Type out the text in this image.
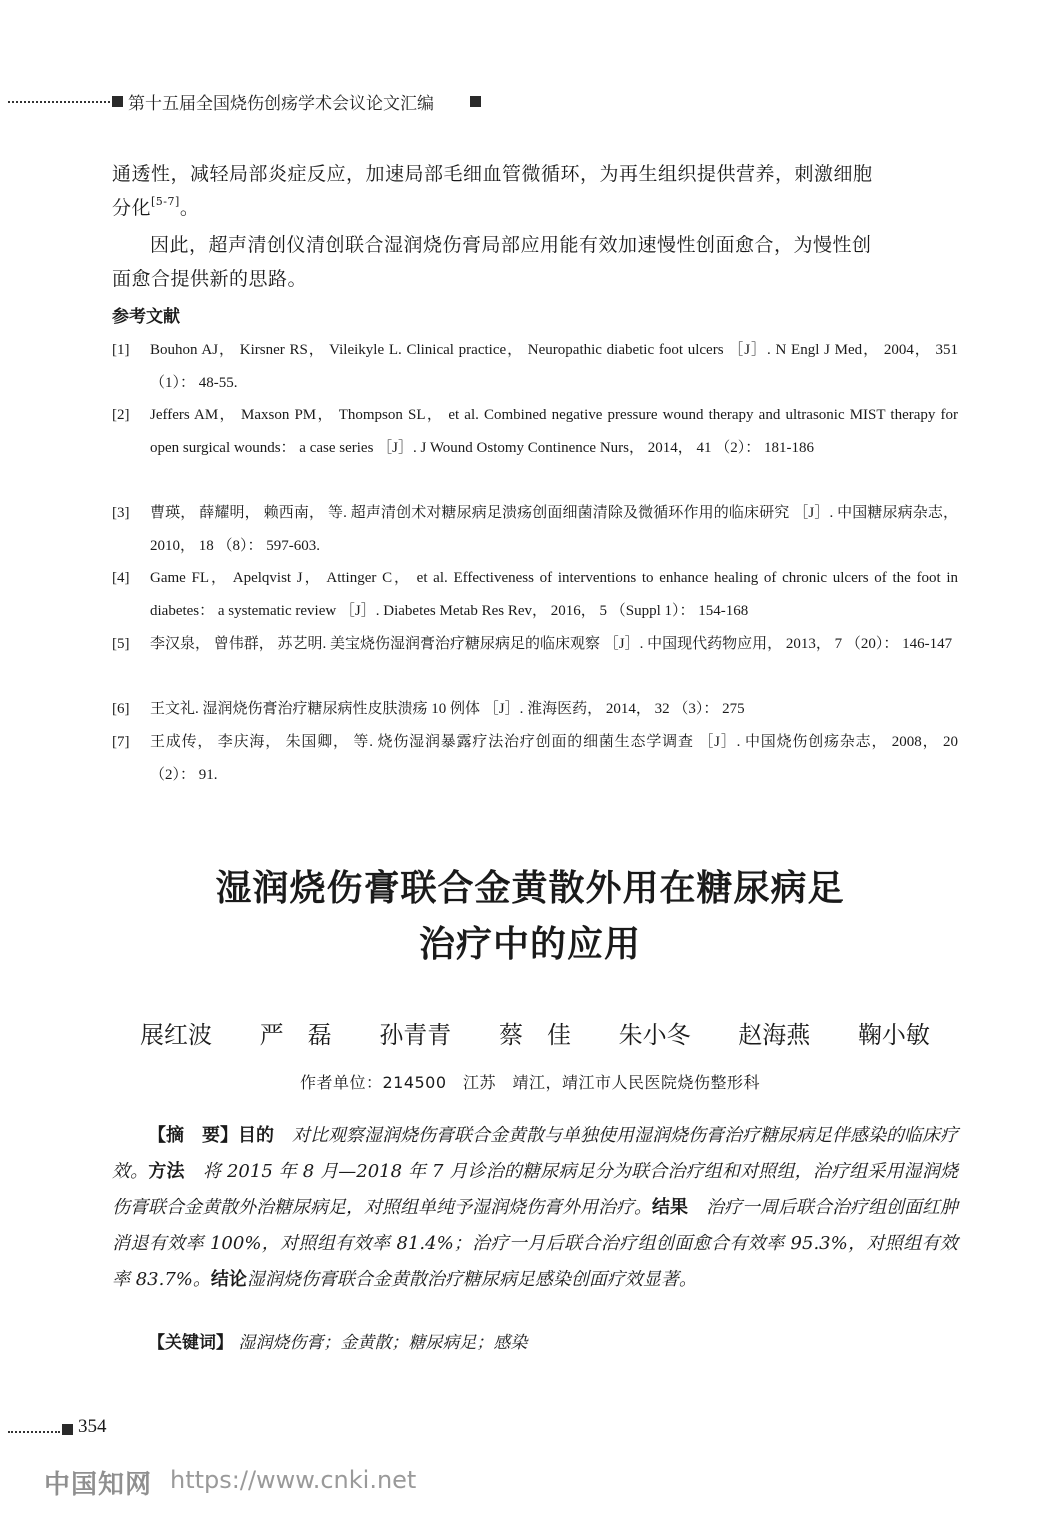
第十五届全国烧伤创疡学术会议论文汇编
通透性，减轻局部炎症反应，加速局部毛细血管微循环，为再生组织提供营养，刺激细胞
分化[5-7]。
因此，超声清创仪清创联合湿润烧伤膏局部应用能有效加速慢性创面愈合，为慢性创
面愈合提供新的思路。
参考文献
[1]	Bouhon AJ， Kirsner RS， Vileikyle L. Clinical practice， Neuropathic diabetic foot ulcers ［J］. N Engl J Med， 2004， 351 （1）： 48-55.
[2]	Jeffers AM， Maxson PM， Thompson SL， et al. Combined negative pressure wound therapy and ultrasonic MIST therapy for open surgical wounds： a case series ［J］. J Wound Ostomy Continence Nurs， 2014， 41 （2）： 181-186
[3]	曹瑛， 薛耀明， 赖西南， 等. 超声清创术对糖尿病足溃疡创面细菌清除及微循环作用的临床研究 ［J］. 中国糖尿病杂志， 2010， 18 （8）： 597-603.
[4]	Game FL， Apelqvist J， Attinger C， et al. Effectiveness of interventions to enhance healing of chronic ulcers of the foot in diabetes： a systematic review ［J］. Diabetes Metab Res Rev， 2016， 5 （Suppl 1）： 154-168
[5]	李汉泉， 曾伟群， 苏艺明. 美宝烧伤湿润膏治疗糖尿病足的临床观察 ［J］. 中国现代药物应用， 2013， 7 （20）： 146-147
[6]	王文礼. 湿润烧伤膏治疗糖尿病性皮肤溃疡 10 例体 ［J］. 淮海医药， 2014， 32 （3）： 275
[7]	王成传， 李庆海， 朱国卿， 等. 烧伤湿润暴露疗法治疗创面的细菌生态学调查 ［J］. 中国烧伤创疡杂志， 2008， 20 （2）： 91.
湿润烧伤膏联合金黄散外用在糖尿病足
治疗中的应用
展红波 严　磊 孙青青 蔡　佳 朱小冬 赵海燕 鞠小敏
作者单位：214500　江苏　靖江，靖江市人民医院烧伤整形科

【摘　要】目的　对比观察湿润烧伤膏联合金黄散与单独使用湿润烧伤膏治疗糖尿病足伴感染的临床疗效。方法　将 2015 年 8 月—2018 年 7 月诊治的糖尿病足分为联合治疗组和对照组，治疗组采用湿润烧伤膏联合金黄散外治糖尿病足，对照组单纯予湿润烧伤膏外用治疗。结果　治疗一周后联合治疗组创面红肿消退有效率 100%，对照组有效率 81.4%；治疗一月后联合治疗组创面愈合有效率 95.3%，对照组有效率 83.7%。结论湿润烧伤膏联合金黄散治疗糖尿病足感染创面疗效显著。

【关键词】 湿润烧伤膏；金黄散；糖尿病足；感染
354
中国知网 https://www.cnki.net
